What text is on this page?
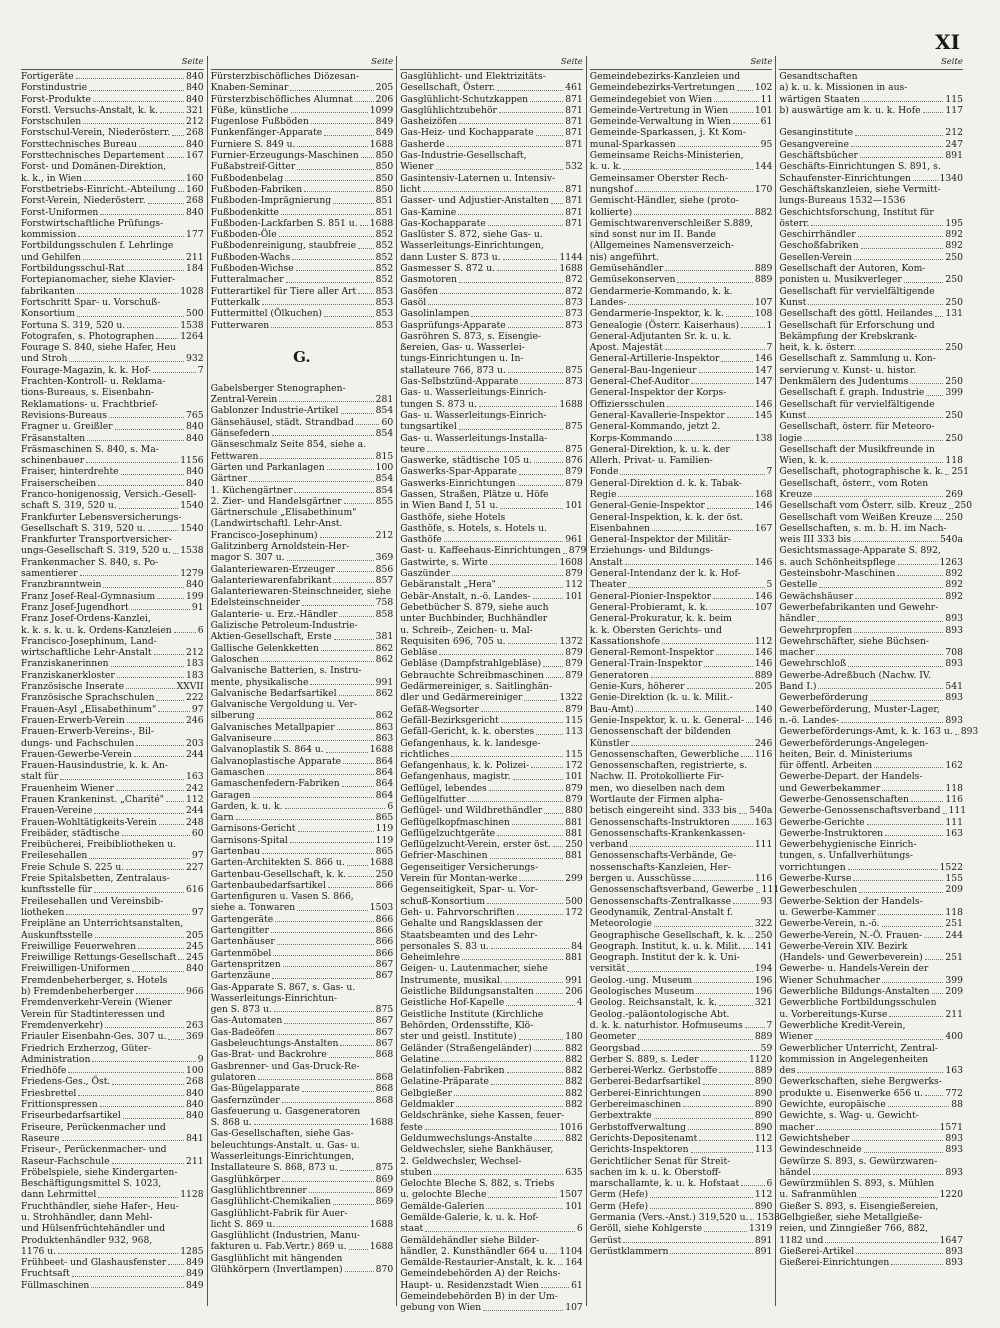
XI
Seite
Fortigeräte	840
Forstindustrie	840
Forst-Produkte	840
Forstl. Versuchs-Anstalt, k. k.	321
Forstschulen	212
Forstschul-Verein, Niederösterr. 268
Forsttechnisches Bureau	840
Forsttechnisches Departement 167
Forst- und Domänen-Direktion,
k. k., in Wien	160
Forstbetriebs-Einricht.-Abteilung 160
Forst-Verein, Niederösterr.	268
Forst-Uniformen	840
Forstwirtschaftliche Prüfungs-
kommission	177
Fortbildungsschulen f. Lehrlinge
und Gehilfen	211
Fortbildungsschul-Rat	184
Fortepianomacher, siehe Klavier-
fabrikanten	1028
Fortschritt Spar- u. Vorschuß-
Konsortium	500
Fortuna S. 319, 520 u.	1538
Fotografen, s. Photographen	1264
Fourage S. 840, siehe Hafer, Heu
und Stroh	932
Fourage-Magazin, k. k. Hof-	7
Frachten-Kontroll- u. Reklama-
tions-Bureaus, s. Eisenbahn-
Reklamations- u. Frachtbrief-
Revisions-Bureaus	765
Fragner u. Greißler	840
Fräsanstalten	840
Fräsmaschinen S. 840, s. Ma-
schinenbauer	1156
Fraiser, hinterdrehte	840
Fraiserscheiben	840
Franco-honigenossig, Versich.-Gesell-
schaft S. 319, 520 u.	1540
Frankfurter Lebensversicherungs-
Gesellschaft S. 319, 520 u.	1540
Frankfurter Transportversicher-
ungs-Gesellschaft S. 319, 520 u. 1538
Frankenmacher S. 840, s. Po-
samentierer	1279
Franzbranntwein	840
Franz Josef-Real-Gymnasium	199
Franz Josef-Jugendhort	91
Franz Josef-Ordens-Kanzlei,
k. k. s. k. u. k. Ordens-Kanzleien	6
Francisco-Josephinum, Land-
wirtschaftliche Lehr-Anstalt	212
Franziskanerinnen	183
Franziskanerkloster	183
Französische Inserate	XXVII
Französische Sprachschulen	222
Frauen-Asyl „Elisabethinum"	97
Frauen-Erwerb-Verein	246
Frauen-Erwerb-Vereins-, Bil-
dungs- und Fachschulen	203
Frauen-Gewerbe-Verein	244
Frauen-Hausindustrie, k. k. An-
stalt für	163
Frauenheim Wiener	242
Frauen Krankeninst. „Charité" 112
Frauen-Vereine	244
Frauen-Wohltätigkeits-Verein	248
Freibäder, städtische	60
Freibücherei, Freibibliotheken u.
Freilesehallen	97
Freie Schule S. 225 u.	227
Freie Spitalsbetten, Zentralaus-
kunftsstelle für	616
Freilesehallen und Vereinsbib-
liotheken	97
Freipläne an Unterrichtsanstalten,
Auskunftsstelle	205
Freiwillige Feuerwehren	245
Freiwillige Rettungs-Gesellschaft 245
Freiwilligen-Uniformen	840
Fremdenbeherberger, s. Hotels
b) Fremdenbeherberger	966
Fremdenverkehr-Verein (Wiener
Verein für Stadtinteressen und
Fremdenverkehr)	263
Friauler Eisenbahn-Ges. 307 u. 369
Friedrich Erzherzog, Güter-
Administration	9
Friedhöfe	100
Friedens-Ges., Öst.	268
Friesbrettel	840
Frittionspressen	840
Friseurbedarfsartikel	840
Friseure, Perückenmacher und
Raseure	841
Friseur-, Perückenmacher- und
Raseur-Fachschule	211
Fröbelspiele, siehe Kindergarten-
Beschäftigungsmittel S. 1023,
dann Lehrmittel	1128
Fruchthändler, siehe Hafer-, Heu-
u. Strohhändler, dann Mehl-
und Hülsenfrüchtehändler und
Produktenhändler 932, 968,
1176 u.	1285
Frühbeet- und Glashausfenster 849
Fruchtsaft	849
Füllmaschinen	849
Seite
Fürsterzbischöfliches Diözesan-
Knaben-Seminar	205
Fürsterzbischöfliches Alumnat 206
Füße, künstliche	1099
Fugenlose Fußböden	849
Funkenfänger-Apparate	849
Furniere S. 849 u.	1688
Furnier-Erzeugungs-Maschinen 850
Fußabstreif-Gitter	850
Fußbodenbelag	850
Fußboden-Fabriken	850
Fußboden-Imprägnierung	851
Fußbodenkitte	851
Fußboden-Lackfarben S. 851 u. 1688
Fußboden-Öle	852
Fußbodenreinigung, staubfreie 852
Fußboden-Wachs	852
Fußboden-Wichse	852
Futteralmacher	852
Futterartikel für Tiere aller Art 853
Futterkalk	853
Futtermittel (Ölkuchen)	853
Futterwaren	853
G.
Gabelsberger Stenographen-
Zentral-Verein	281
Gablonzer Industrie-Artikel	854
Gänsehäusel, städt. Strandbad	60
Gänsefedern	854
Gänseschmalz Seite 854, siehe a.
Fettwaren	815
Gärten und Parkanlagen	100
Gärtner	854
1. Küchengärtner	854
2. Zier- und Handelsgärtner	855
Gärtnerschule „Elisabethinum"
(Landwirtschaftl. Lehr-Anst.
Francisco-Josephinum)	212
Galitzinberg Arnoldstein-Her-
magor S. 307 u.	369
Galanteriewaren-Erzeuger	856
Galanteriewarenfabrikant	857
Galanteriewaren-Steinschneider, siehe
Edelsteinschneider	758
Galanterie- u. Erz.-Händler	858
Galizische Petroleum-Industrie-
Aktien-Gesellschaft, Erste	381
Gallische Gelenkketten	862
Galoschen	862
Galvanische Batterien, s. Instru-
mente, physikalische	991
Galvanische Bedarfsartikel	862
Galvanische Vergoldung u. Ver-
silberung	862
Galvanisches Metallpapier	863
Galvaniseure	863
Galvanoplastik S. 864 u.	1688
Galvanoplastische Apparate	864
Gamaschen	864
Gamaschenfedern-Fabriken	864
Garagen	864
Garden, k. u. k.	6
Garn	865
Garnisons-Gericht	119
Garnisons-Spital	119
Gartenbau	865
Garten-Architekten S. 866 u.	1688
Gartenbau-Gesellschaft, k. k.	250
Gartenbaubedarfsartikel	866
Gartenfiguren u. Vasen S. 866,
siehe a. Tonwaren	1503
Gartengeräte	866
Gartengitter	866
Gartenhäuser	866
Gartenmöbel	866
Gartenspritzen	867
Gartenzäune	867
Gas-Apparate S. 867, s. Gas- u.
Wasserleitungs-Einrichtun-
gen S. 873 u.	875
Gas-Automaten	867
Gas-Badeöfen	867
Gasbeleuchtungs-Anstalten	867
Gas-Brat- und Backrohre	868
Gasbrenner- und Gas-Druck-Re-
gulatoren	868
Gas-Bügelapparate	868
Gasfernzünder	868
Gasfeuerung u. Gasgeneratoren
S. 868 u.	1688
Gas-Gesellschaften, siehe Gas-
beleuchtungs-Anstalt. u. Gas- u.
Wasserleitungs-Einrichtungen,
Installateure S. 868, 873 u.	875
Gasglühkörper	869
Gasglühlichtbrenner	869
Gasglühlicht-Chemikalien	869
Gasglühlicht-Fabrik für Auer-
licht S. 869 u.	1688
Gasglühlicht (Industrien, Manu-
fakturen u. Fab.Vertr.) 869 u.	1688
Gasglühlicht mit hängenden
Glühkörpern (Invertlampen)	870
Seite
Gasglühlicht- und Elektrizitäts-
Gesellschaft, Österr.	461
Gasglühlicht-Schutzkappen	871
Gasglühlichtzubehör	871
Gasheizöfen	871
Gas-Heiz- und Kochapparate	871
Gasherde	871
Gas-Industrie-Gesellschaft,
Wiener	532
Gasintensiv-Laternen u. Intensiv-
licht	871
Gasser- und Adjustier-Anstalten 871
Gas-Kamine	871
Gas-Kochapparate	871
Gaslüster S. 872, siehe Gas- u.
Wasserleitungs-Einrichtungen,
dann Luster S. 873 u.	1144
Gasmesser S. 872 u.	1688
Gasmotoren	872
Gasöfen	872
Gasöl	873
Gasolinlampen	873
Gasprüfungs-Apparate	873
Gasröhren S. 873, s. Eisengie-
ßereien, Gas- u. Wasserlei-
tungs-Einrichtungen u. In-
stallateure 766, 873 u.	875
Gas-Selbstzünd-Apparate	873
Gas- u. Wasserleitungs-Einrich-
tungen S. 873 u.	1688
Gas- u. Wasserleitungs-Einrich-
tungsartikel	875
Gas- u. Wasserleitungs-Installa-
teure	875
Gaswerke, städtische 105 u.	876
Gaswerks-Spar-Apparate	879
Gaswerks-Einrichtungen	879
Gassen, Straßen, Plätze u. Höfe
in Wien Band I, 51 u.	101
Gasthöfe, siehe Hotels
Gasthöfe, s. Hotels, s. Hotels u.
Gasthöfe	961
Gast- u. Kaffeehaus-Einrichtungen 879
Gastwirte, s. Wirte	1608
Gaszünder	879
Gebäranstalt „Hera"	112
Gebär-Anstalt, n.-ö. Landes-	101
Gebetbücher S. 879, siehe auch
unter Buchbinder, Buchhändler
u. Schreib-, Zeichen- u. Mal-
Requisiten 696, 705 u.	1372
Gebläse	879
Gebläse (Dampfstrahlgebläse)	879
Gebrauchte Schreibmaschinen 879
Gedärmereiniger, s. Saitlinghän-
dler und Gedärmereiniger	1322
Gefäß-Wegsorter	879
Gefäll-Bezirksgericht	115
Gefäll-Gericht, k. k. oberstes	113
Gefangenhaus, k. k. landesge-
richtliches	115
Gefangenhaus, k. k. Polizei-	172
Gefangenhaus, magistr.	101
Geflügel, lebendes	879
Geflügelfutter	879
Geflügel- und Wildbrethändler 880
Geflügelkopfmaschinen	881
Geflügelzuchtgeräte	881
Geflügelzucht-Verein, erster öst. 250
Gefrier-Maschinen	881
Gegenseitiger Versicherungs-
Verein für Montan-werke	299
Gegenseitigkeit, Spar- u. Vor-
schuß-Konsortium	500
Geh- u. Fahrvorschriften	172
Gehalte und Rangsklassen der
Staatsbeamten und des Lehr-
personales S. 83 u.	84
Geheimlehre	881
Geigen- u. Lautenmacher, siehe
Instrumente, musikal.	991
Geistliche Bildungsanstalten	206
Geistliche Hof-Kapelle	4
Geistliche Institute (Kirchliche
Behörden, Ordensstifte, Klö-
ster und geistl. Institute)	180
Geländer (Straßengeländer)	882
Gelatine	882
Gelatinfolien-Fabriken	882
Gelatine-Präparate	882
Gelbgießer	882
Geldmakler	882
Geldschränke, siehe Kassen, feuer-
feste	1016
Geldumwechslungs-Anstalte	882
Geldwechsler, siehe Bankhäuser,
2. Geldwechsler, Wechsel-
stuben	635
Gelochte Bleche S. 882, s. Triebs
u. gelochte Bleche	1507
Gemälde-Galerien	101
Gemälde-Galerie, k. u. k. Hof-
staat	6
Gemäldehändler siehe Bilder-
händler, 2. Kunsthändler 664 u. 1104
Gemälde-Restaurier-Anstalt, k. k. 164
Gemeindebehörden A) der Reichs-
Haupt- u. Residenzstadt Wien	61
Gemeindebehörden B) in der Um-
gebung von Wien	107
Seite
Gemeindebezirks-Kanzleien und
Gemeindebezirks-Vertretungen 102
Gemeindegebiet von Wien	11
Gemeinde-Vertretung in Wien	101
Gemeinde-Verwaltung in Wien	61
Gemeinde-Sparkassen, j. Kt Kom-
munal-Sparkassen	95
Gemeinsame Reichs-Ministerien,
k. u. k.	144
Gemeinsamer Oberster Rech-
nungshof	170
Gemischt-Händler, siehe (proto-
kollierte)	882
Gemischtwarenverschleißer S.889,
sind sonst nur im II. Bande
(Allgemeines Namensverzeich-
nis) angeführt.
Gemüsehändler	889
Gemüsekonserven	889
Gendarmerie-Kommando, k. k.
Landes-	107
Gendarmerie-Inspektor, k. k.	108
Genealogie (Österr. Kaiserhaus)	1
General-Adjutanten Sr. k. u. k.
Apost. Majestät	7
General-Artillerie-Inspektor	146
General-Bau-Ingenieur	147
General-Chef-Auditor	147
General-Inspektor der Korps-
Offiziersschulen	146
General-Kavallerie-Inspektor	145
General-Kommando, jetzt 2.
Korps-Kommando	138
General-Direktion, k. u. k. der
Allerh. Privat- u. Familien-
Fonde	7
General-Direktion d. k. k. Tabak-
Regie	168
General-Genie-Inspektor	146
General-Inspektion, k. k. der öst.
Eisenbahnen	167
General-Inspektor der Militär-
Erziehungs- und Bildungs-
Anstalt	146
General-Intendanz der k. k. Hof-
Theater	5
General-Pionier-Inspektor	146
General-Probieramt, k. k.	107
General-Prokuratur, k. k. beim
k. k. Obersten Gerichts- und
Kassationshofe	112
General-Remont-Inspektor	146
General-Train-Inspektor	146
Generatoren	889
Genie-Kurs, höherer	205
Genie-Direktion (k. u. k. Milit.-
Bau-Amt)	140
Genie-Inspektor, k. u. k. General- 146
Genossenschaft der bildenden
Künstler	246
Genossenschaften, Gewerbliche 116
Genossenschaften, registrierte, s.
Nachw. II. Protokollierte Fir-
men, wo dieselben nach dem
Wortlaute der Firmen alpha-
betisch eingereiht sind. 333 bis 540a
Genossenschafts-Instruktoren	163
Genossenschafts-Krankenkassen-
verband	111
Genossenschafts-Verbände, Ge-
nossenschafts-Kanzleien, Her-
bergen u. Ausschüsse	116
Genossenschaftsverband, Gewerbe 111
Genossenschafts-Zentralkasse	93
Geodynamik, Zentral-Anstalt f.
Meteorologie	322
Geographische Gesellschaft, k. k. 250
Geograph. Institut, k. u. k. Milit. 141
Geograph. Institut der k. k. Uni-
versität	194
Geolog.-ung. Museum	196
Geologisches Museum	196
Geolog. Reichsanstalt, k. k.	321
Geolog.-paläontologische Abt.
d. k. k. naturhistor. Hofmuseums	7
Geometer	889
Georgsbad	59
Gerber S. 889, s. Leder	1120
Gerberei-Werkz. Gerbstoffe	889
Gerberei-Bedarfsartikel	890
Gerberei-Einrichtungen	890
Gerbereimaschinen	890
Gerbextrakte	890
Gerbstoffverwaltung	890
Gerichts-Depositenamt	112
Gerichts-Inspektoren	113
Gerichtlicher Senat für Streit-
sachen im k. u. k. Oberstoff-
marschallamte, k. u. k. Hofstaat	6
Germ (Hefe)	112
Germ (Hefe)	890
Germania (Vers.-Anst.) 319,520 u. 1538
Geröll, siehe Kohlgerste	1319
Gerüst	891
Gerüstklammern	891
Seite
Gesandtschaften
a) k. u. k. Missionen in aus-
wärtigen Staaten	115
b) auswärtige am k. u. k. Hofe	117
Gesanginstitute	212
Gesangvereine	247
Geschäftsbücher	891
Geschäfts-Einrichtungen S. 891, s.
Schaufenster-Einrichtungen	1340
Geschäftskanzleien, siehe Vermitt-
lungs-Bureaus 1532—1536
Geschichtsforschung, Institut für
österr.	195
Geschirrhändler	892
Geschoßfabriken	892
Gesellen-Verein	250
Gesellschaft der Autoren, Kom-
ponisten u. Musikverleger	250
Gesellschaft für vervielfältigende
Kunst	250
Gesellschaft des göttl. Heilandes 131
Gesellschaft für Erforschung und
Bekämpfung der Krebskrank-
heit, k. k. österr.	250
Gesellschaft z. Sammlung u. Kon-
servierung v. Kunst- u. histor.
Denkmälern des Judentums	250
Gesellschaft f. graph. Industrie 399
Gesellschaft für vervielfältigende
Kunst	250
Gesellschaft, österr. für Meteoro-
logie	250
Gesellschaft der Musikfreunde in
Wien, k. k.	118
Gesellschaft, photographische k. k. 251
Gesellschaft, österr., vom Roten
Kreuze	269
Gesellschaft vom Österr. silb. Kreuz 250
Gesellschaft vom Weißen Kreuze 250
Gesellschaften, s. m. b. H. im Nach-
weis III 333 bis	540a
Gesichtsmassage-Apparate S. 892,
s. auch Schönheitspflege	1263
Gesteinsbohr-Maschinen	892
Gestelle	892
Gewächshäuser	892
Gewerbefabrikanten und Gewehr-
händler	893
Gewehrpropfen	893
Gewehrschäfter, siehe Büchsen-
macher	708
Gewehrschloß	893
Gewerbe-Adreßbuch (Nachw. IV.
Band I.)	541
Gewerbeförderung	893
Gewerbeförderung, Muster-Lager,
n.-ö. Landes-	893
Gewerbeförderungs-Amt, k. k. 163 u. 893
Gewerbeförderungs-Angelegen-
heiten, Beir. d. Ministeriums
für öffentl. Arbeiten	162
Gewerbe-Depart. der Handels-
und Gewerbekammer	118
Gewerbe-Genossenschaften	116
Gewerbe-Genossenschaftsverband 111
Gewerbe-Gerichte	111
Gewerbe-Instruktoren	163
Gewerbehygienische Einrich-
tungen, s. Unfallverhütungs-
vorrichtungen	1522
Gewerbe-Kurse	155
Gewerbeschulen	209
Gewerbe-Sektion der Handels-
u. Gewerbe-Kammer	118
Gewerbe-Verein, n.-ö.	251
Gewerbe-Verein, N.-Ö. Frauen-	244
Gewerbe-Verein XIV. Bezirk
(Handels- und Gewerbeverein) 251
Gewerbe- u. Handels-Verein der
Wiener Schuhmacher	399
Gewerbliche Bildungs-Anstalten 209
Gewerbliche Fortbildungsschulen
u. Vorbereitungs-Kurse	211
Gewerbliche Kredit-Verein,
Wiener	400
Gewerblicher Unterricht, Zentral-
kommission in Angelegenheiten
des	163
Gewerkschaften, siehe Bergwerks-
produkte u. Eisenwerke 656 u. 772
Gewichte, europäische	88
Gewichte, s. Wag- u. Gewicht-
macher	1571
Gewichtsheber	893
Gewindeschneide	893
Gewürze S. 893, s. Gewürzwaren-
händel	893
Gewürzmühlen S. 893, s. Mühlen
u. Safranmühlen	1220
Gießer S. 893, s. Eisengießereien,
Gelbgießer, siehe Metallgieße-
reien, und Zinngießer 766, 882,
1182 und	1647
Gießerei-Artikel	893
Gießerei-Einrichtungen	893
